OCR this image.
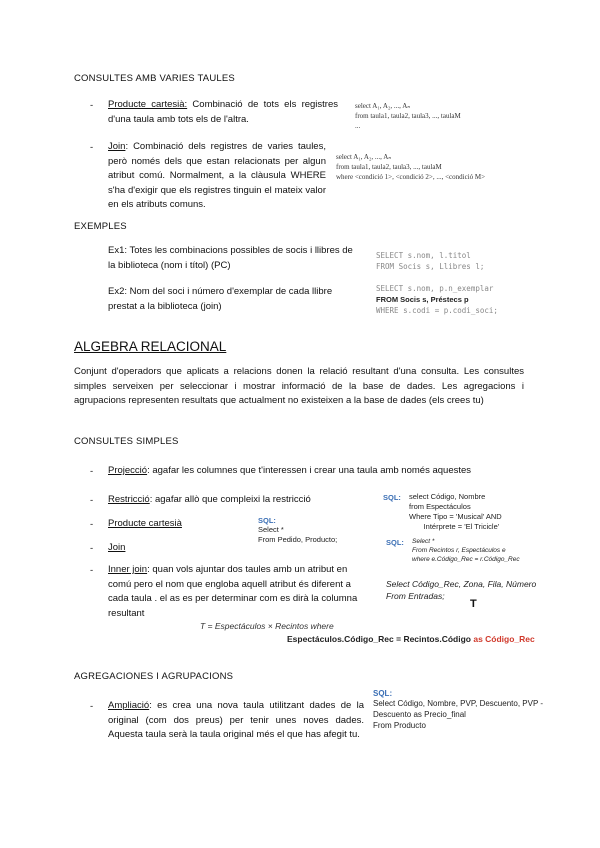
CONSULTES AMB VARIES TAULES
- Producte cartesià: Combinació de tots els registres d'una taula amb tots els de l'altra.
- Join: Combinació dels registres de varies taules, però només dels que estan relacionats per algun atribut comú. Normalment, a la clàusula WHERE s'ha d'exigir que els registres tinguin el mateix valor en els atributs comuns.
select A₁, A₂, ..., Aₙ
from taula1, taula2, taula3, ..., taulaM
...
select A₁, A₂, ..., Aₙ
from taula1, taula2, taula3, ..., taulaM
where <condició 1>, <condició 2>, ..., <condició M>
EXEMPLES
Ex1: Totes les combinacions possibles de socis i llibres de la biblioteca (nom i títol) (PC)
Ex2: Nom del soci i número d'exemplar de cada llibre prestat a la biblioteca (join)
SELECT s.nom, l.titol
FROM Socis s, Llibres l;
SELECT s.nom, p.n_exemplar
FROM Socis s, Préstecs p
WHERE s.codi = p.codi_soci;
ALGEBRA RELACIONAL
Conjunt d'operadors que aplicats a relacions donen la relació resultant d'una consulta. Les consultes simples serveixen per seleccionar i mostrar informació de la base de dades. Les agregacions i agrupacions representen resultats que actualment no existeixen a la base de dades (els crees tu)
CONSULTES SIMPLES
- Projecció: agafar les columnes que t'interessen i crear una taula amb només aquestes
- Restricció: agafar allò que compleixi la restricció
- Producte cartesià
- Join
- Inner join: quan vols ajuntar dos taules amb un atribut en comú pero el nom que engloba aquell atribut és diferent a cada taula . el as es per determinar com es dirà la columna resultant
SQL:	select Código, Nombre
from Espectáculos
Where Tipo = 'Musical' AND
Intérprete = 'El Tricicle'
SQL:
Select *
From Pedido, Producto;	SQL:	Select *
From Recintos r, Espectáculos e
where e.Código_Rec = r.Código_Rec
Select Código_Rec, Zona, Fila, Número
From Entradas;
T
T = Espectáculos × Recintos where
Espectáculos.Código_Rec = Recintos.Código as Código_Rec
AGREGACIONES I AGRUPACIONS
- Ampliació: es crea una nova taula utilitzant dades de la original (com dos preus) per tenir unes noves dades. Aquesta taula serà la taula original més el que has afegit tu.
SQL:
Select Código, Nombre, PVP, Descuento, PVP - Descuento as Precio_final
From Producto
